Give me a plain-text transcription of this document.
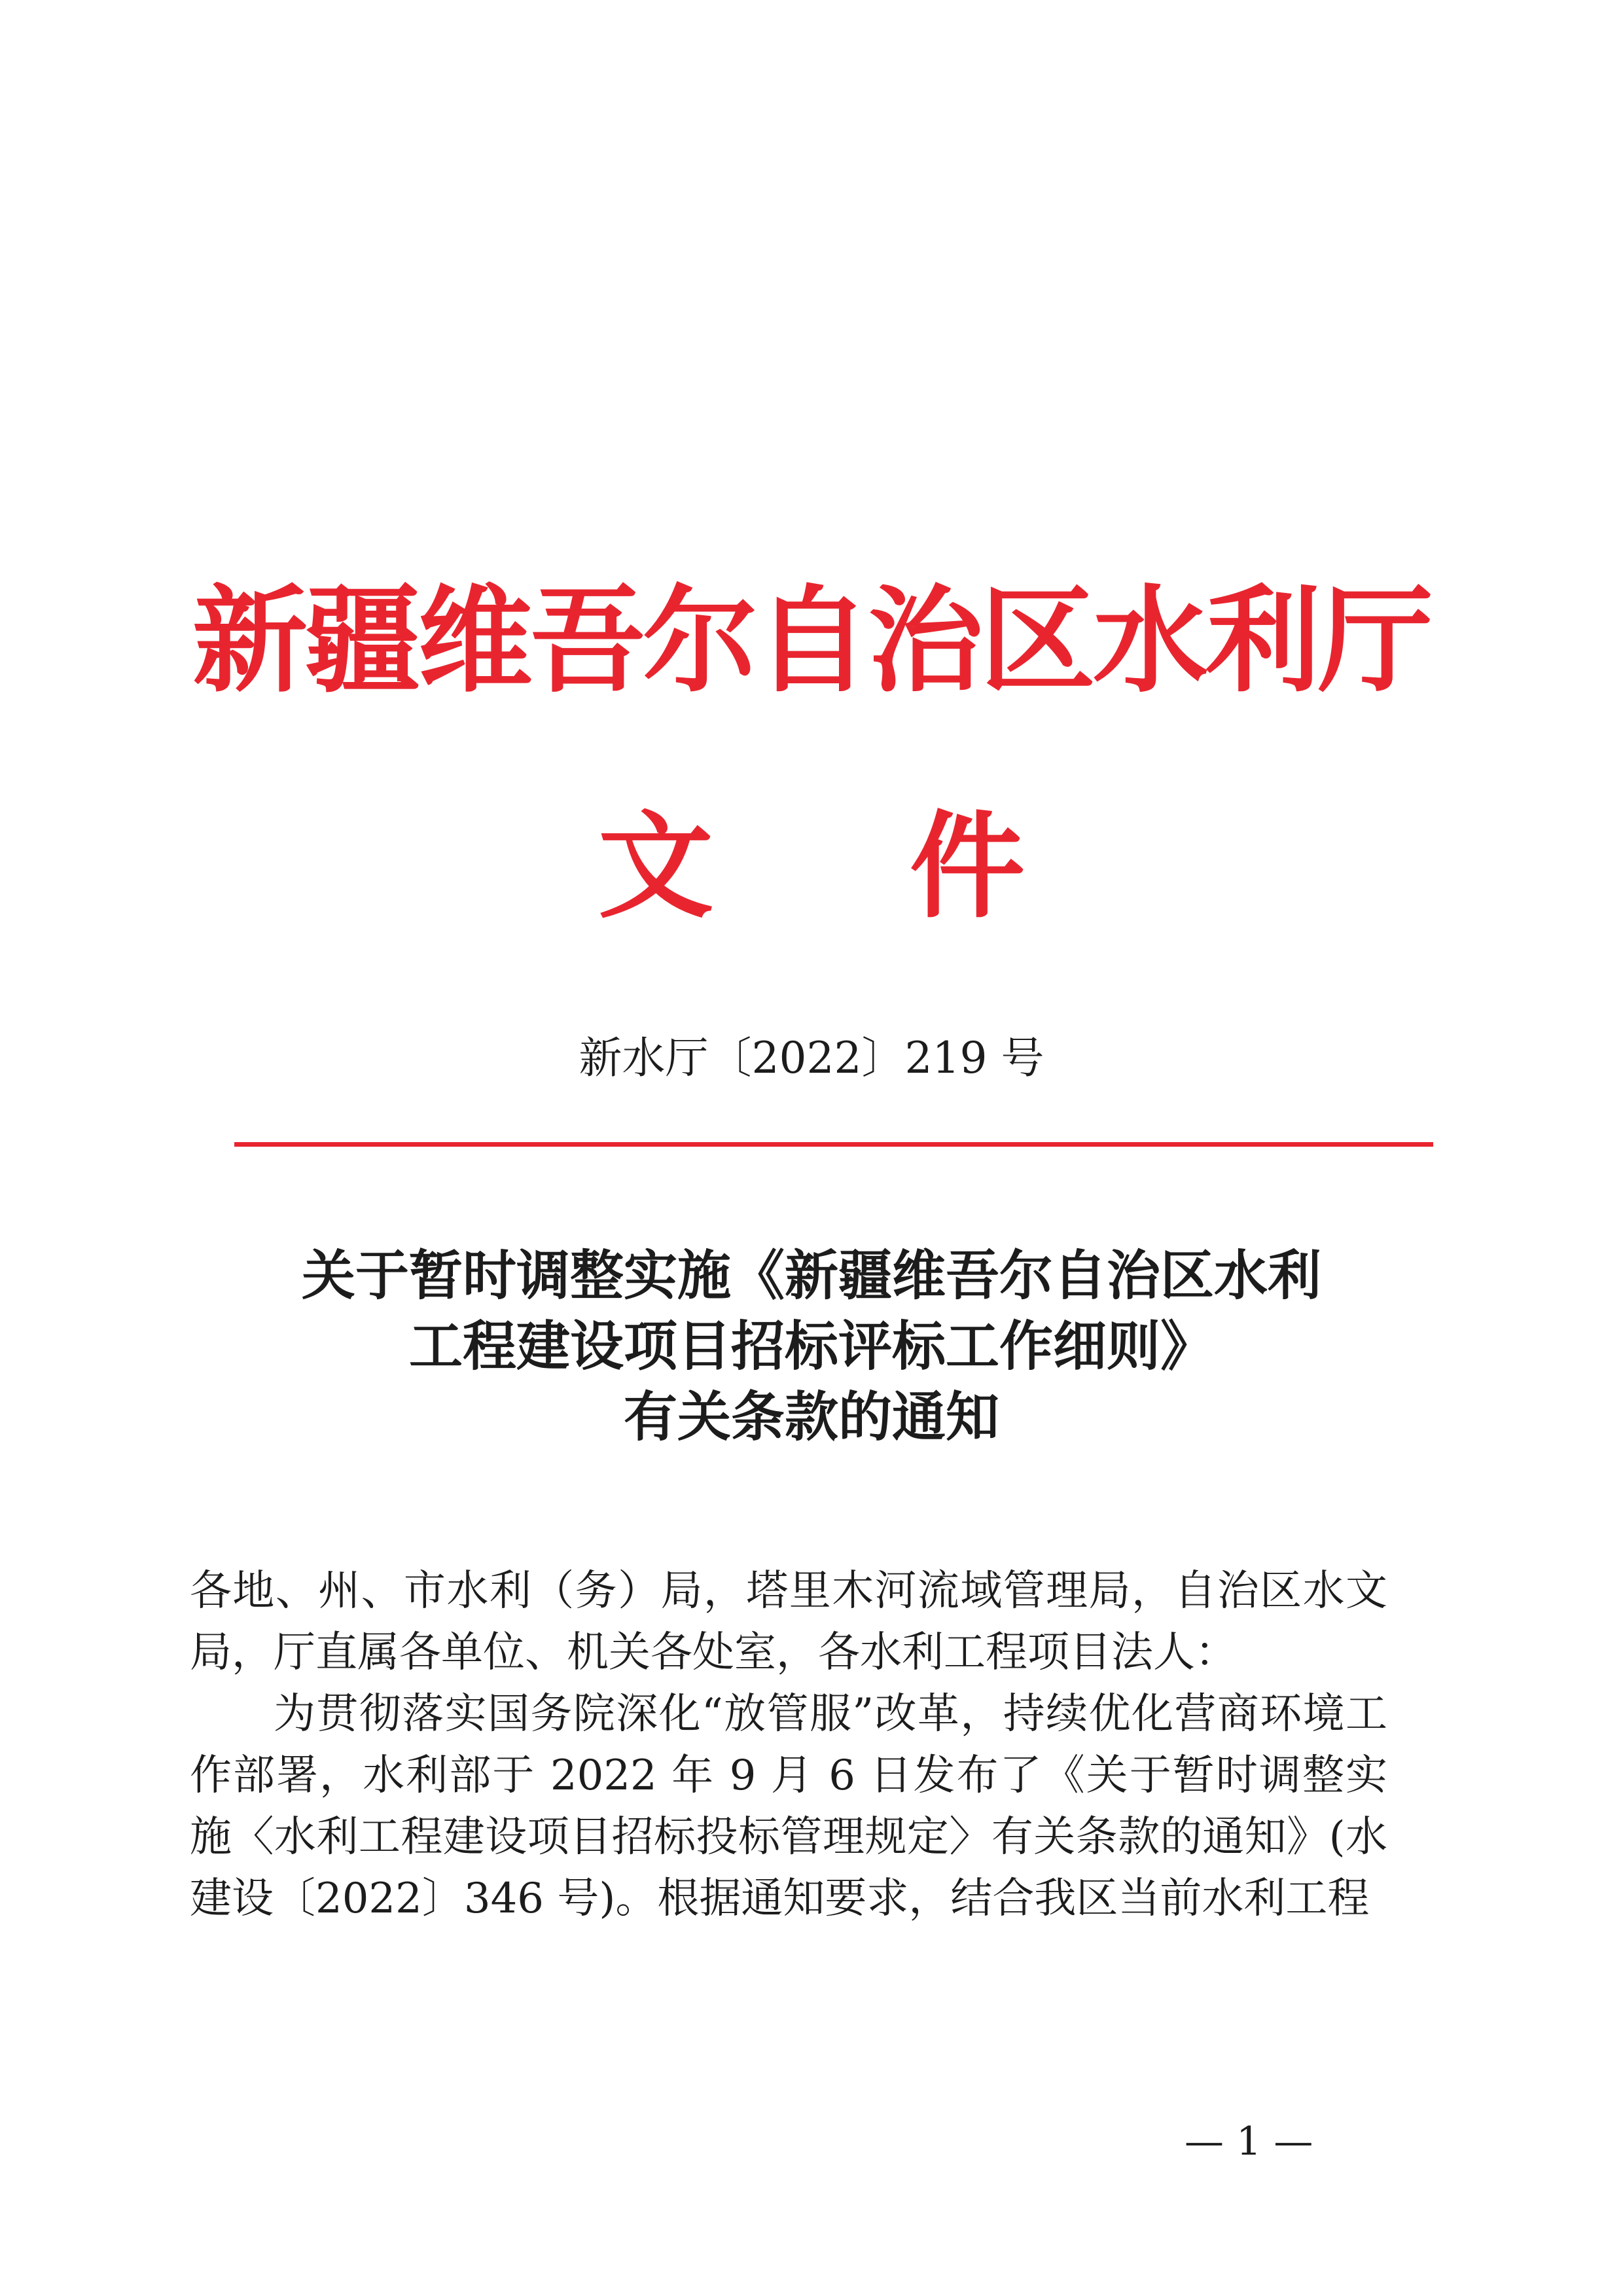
新疆维吾尔自治区水利厅
文 件
新水厅〔2022〕219 号
关于暂时调整实施《新疆维吾尔自治区水利
工程建设项目招标评标工作细则》
有关条款的通知

各地、州、市水利（务）局，塔里木河流域管理局，自治区水文局，厅直属各单位、机关各处室，各水利工程项目法人：

为贯彻落实国务院深化“放管服”改革，持续优化营商环境工作部署，水利部于 2022 年 9 月 6 日发布了《关于暂时调整实施〈水利工程建设项目招标投标管理规定〉有关条款的通知》(水建设〔2022〕346 号)。根据通知要求，结合我区当前水利工程

— 1 —
